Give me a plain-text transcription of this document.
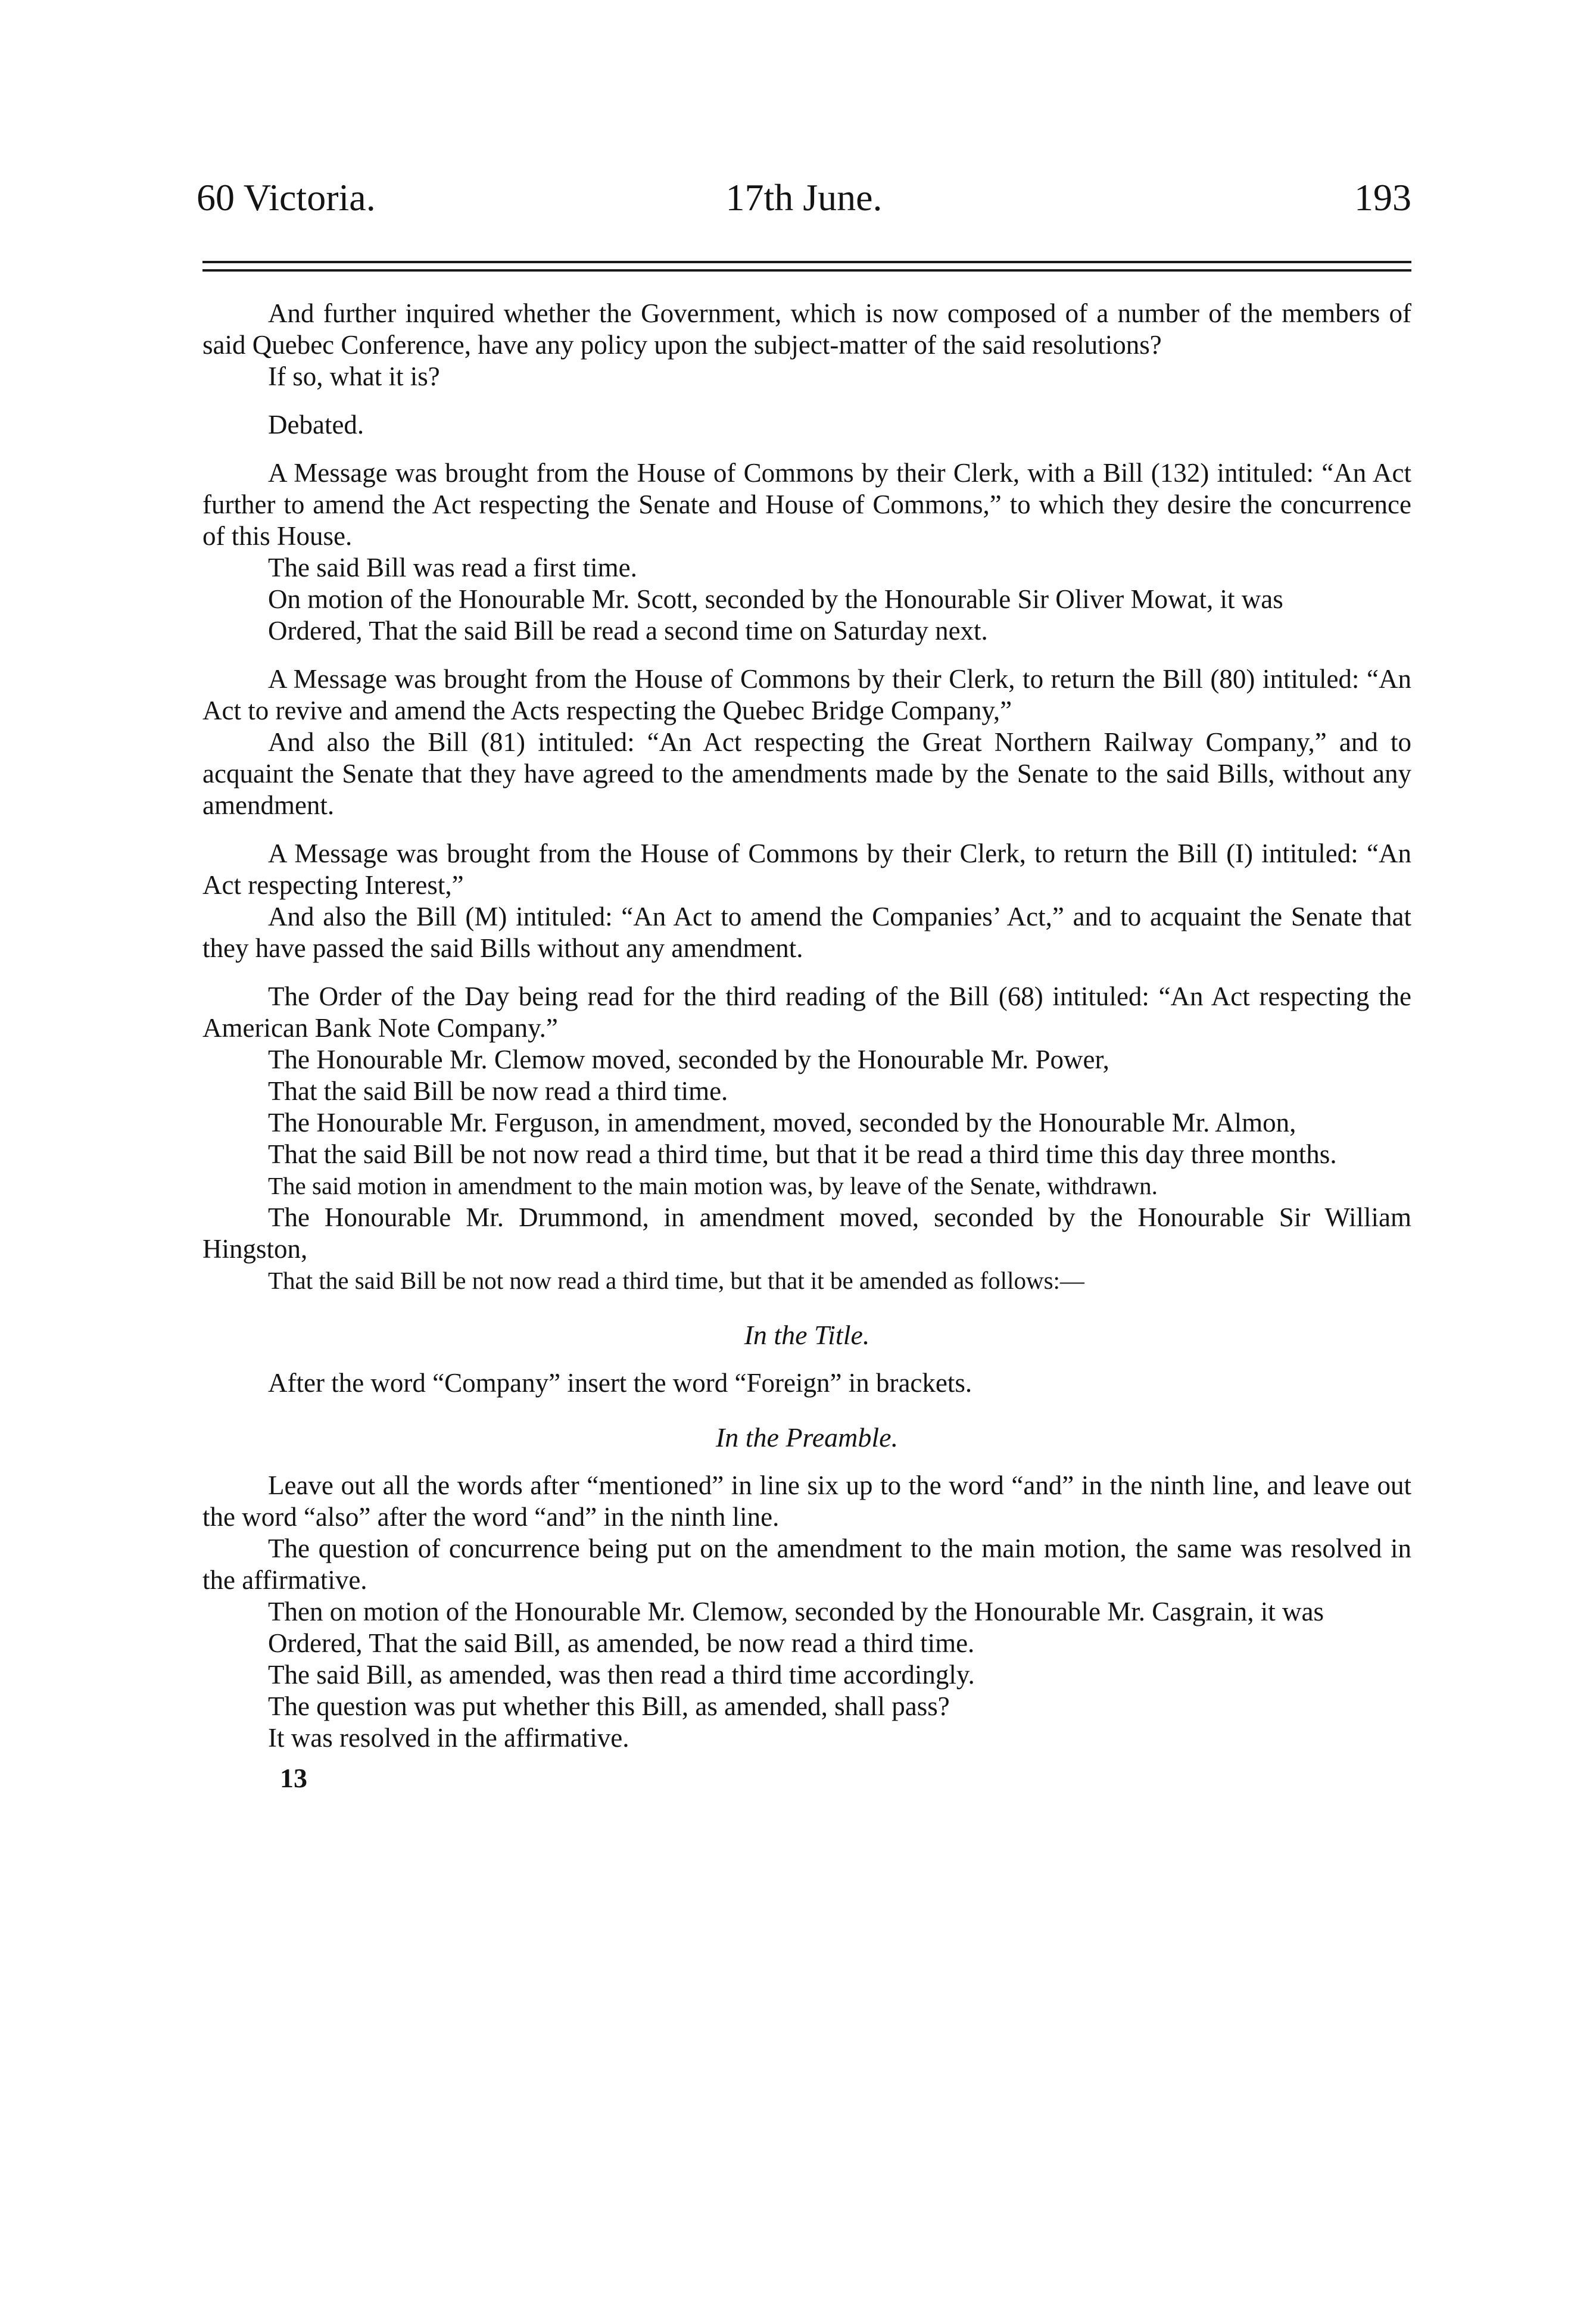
60 Victoria.	17th June.	193

And further inquired whether the Government, which is now composed of a number of the members of said Quebec Conference, have any policy upon the subject-matter of the said resolutions?

If so, what it is?

Debated.

A Message was brought from the House of Commons by their Clerk, with a Bill (132) intituled: “An Act further to amend the Act respecting the Senate and House of Commons,” to which they desire the concurrence of this House.

The said Bill was read a first time.

On motion of the Honourable Mr. Scott, seconded by the Honourable Sir Oliver Mowat, it was

Ordered, That the said Bill be read a second time on Saturday next.

A Message was brought from the House of Commons by their Clerk, to return the Bill (80) intituled: “An Act to revive and amend the Acts respecting the Quebec Bridge Company,”

And also the Bill (81) intituled: “An Act respecting the Great Northern Railway Company,” and to acquaint the Senate that they have agreed to the amendments made by the Senate to the said Bills, without any amendment.

A Message was brought from the House of Commons by their Clerk, to return the Bill (I) intituled: “An Act respecting Interest,”

And also the Bill (M) intituled: “An Act to amend the Companies’ Act,” and to acquaint the Senate that they have passed the said Bills without any amendment.

The Order of the Day being read for the third reading of the Bill (68) intituled: “An Act respecting the American Bank Note Company.”

The Honourable Mr. Clemow moved, seconded by the Honourable Mr. Power,

That the said Bill be now read a third time.

The Honourable Mr. Ferguson, in amendment, moved, seconded by the Honourable Mr. Almon,

That the said Bill be not now read a third time, but that it be read a third time this day three months.

The said motion in amendment to the main motion was, by leave of the Senate, withdrawn.

The Honourable Mr. Drummond, in amendment moved, seconded by the Honourable Sir William Hingston,

That the said Bill be not now read a third time, but that it be amended as follows:—

In the Title.

After the word “Company” insert the word “Foreign” in brackets.

In the Preamble.

Leave out all the words after “mentioned” in line six up to the word “and” in the ninth line, and leave out the word “also” after the word “and” in the ninth line.

The question of concurrence being put on the amendment to the main motion, the same was resolved in the affirmative.

Then on motion of the Honourable Mr. Clemow, seconded by the Honourable Mr. Casgrain, it was

Ordered, That the said Bill, as amended, be now read a third time.

The said Bill, as amended, was then read a third time accordingly.

The question was put whether this Bill, as amended, shall pass?

It was resolved in the affirmative.

13
